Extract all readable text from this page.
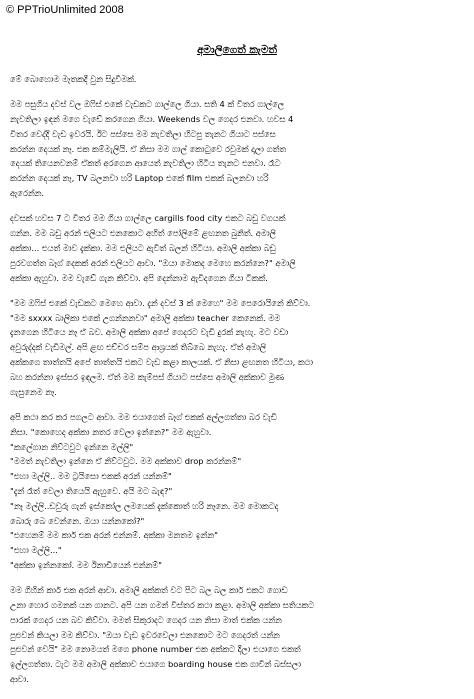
© PPTrioUnlimited 2008
අමාලිගෙත් කැමත්
මේ බොහොම මෑතකදී වුන සිදුවීමක්.
මම පසුගිය දවස් වල ඔෆිස් එකේ වැඩකට ගාල්ලෙ ගියා. සති 4 ක් විතර ගාල්ලෙ
නැවතිලා ඉඳන් මගෙ වැඩේ කරගෙන ගියා. Weekends වල ගෙදර එනවා. හවස 4
විතර වෙද්දි වැඩ ඉවරයි. ඊට පස්සෙ මම නැවතිලා හිටපු තැනට ගියාට පස්සෙ
කරන්න දෙයක් නෑ. එක කම්මැලියි. ඒ නිසා මම ගාල් කොටුවෙ රවුමක් දාලා ගත්ත
දෙයක් තියෙනවනම් ඒකත් අරගෙන ආයෙත් නැවතිලා හිටිය තැනට එනවා. රෑට
කරන්න දෙයක් නෑ, TV බලනවා හරි Laptop එකේ film එකක් බලනවා හරි
ඇරෙන්න.
දවසක් හවස 7 ට විතර මම ගියා ගාල්ලෙ cargills food city එකට බඩු වගයක්
ගන්න. මම බඩු අරන් එලියට එනකොට අහිත් පෝලිමේ ළඟනත බුනිත්. අමාලි
අක්කා... එයත් මාව දැක්කා. මම එලියට ඇවිත් බලන් හිටියා. අමාලි අක්කා බඩු
පුරවගත්ත බෑග් දෙකක් අරන් එලියට ආවා. "ඔයා මොකද මෙහෙ කරන්නෙ?" අමාලි
අක්කා ඇහුවා. මම වැඩේ ගැන කිව්වා. අපි දෙන්නාම ඇවිදගෙන ගියා ටිකක්.
"මම ඔෆිස් එකේ වැඩකට මෙහෙ ආවා. දැන් දවස් 3 ක් මෙහෙ" මම පෙරොයිනේ කිව්වා.
"මම sxxxx බාලිකා එකේ උගන්නනවා" අමාලි අක්කා teacher කෙනෙක්. මම
දැනගෙන හිටියෙ නෑ ඒ බව. අමාලි අක්කා අපේ ගෙදරට වැඩි දුරක් නැහැ. මට වඩා
අවුරුද්දක් වැඩිමල්. අපි ළඟ එච්චර සම්ප ආශ්‍රයක් තිබ්බෙ නැහැ. ඒත් අමාලි
අක්කගෙ තාත්තයි අපේ තාත්තයි එකට වැඩ කළා කාලයක්. ඒ නිසා ළඟනත හිටියා, කථා
බහ කරන්නා ඉස්සර ඉඳලම. ඒත් මම කැම්පස් ගියාට පස්සෙ අමාලි අක්කාව මුණ
ගැසුනෙම නෑ.
අපි කථා කර කර පගලට ආවා. මම එයාගෙත් බෑග් එකක් අල්ලගත්තා බර වැඩි
නිසා. "කොහෙද අක්කා නතර වෙලා ඉන්නෙ?" මම ඇහුවා.
"කලේගාන නිව්ටවුට ඉන්නෙ මල්ලි"
"මමත් නැවතිලා ඉන්නෙ ඒ නිව්ටවුට. මම අක්කාව drop කරන්නම්"
"එහා මල්ලි.. මම ට්‍රයිසො එකක් අරන් යන්නම්"
"දැන් රෑත් වෙලා තියෙයි ඇහුවෙ. අයි මට බැඳ?"
"නෑ මල්ලි..ඩවුරු ගැන් ඉස්කෝල ලමයෙක් දැක්කොත් හරි නෑනෙ. මම මොකටද
බොරු බෙ වෙන්නෙ. ඔයා යන්නකෝ?"
"එහෙනම් මම කාර් එක අරන් එන්නම්. අක්කා මනතම ඉන්න"
"එහා මල්ලි..."
"අක්කා ඉන්නකෝ. මම ඊනාඩියෙන් එන්නම්"
මම ගිහින් කාර් එක අරන් ආවා. අමාලි අක්කත් වට පිට බල බල කාර් එකට ගොඩ
උනා හොර ගමනක් යන ගානට. අපි යන ගමන් විස්තර කථා කළා. අමාලි අක්කා සතියකට
පාරක් ගෙදර යන බව කිව්වා. මමත් සිකුරාදට ගෙදර යන නිසා මාත් එක්ක යන්න
පුළුවන් කියලා මම කිව්වා. "ඔයා වැඩ ඉවරවෙලා එනකොට මට ගෙදරත් යන්න
පුළුවන් වෙයි" මම නොමයත් මගෙ phone number එක අක්කට දීලා එයාගෙ එකත්
ඉල්ලගත්තා. ටැට මම අමාලි අක්කාව එයාගෙ boarding house එක ගාවින් බස්සලා
ආවා.
